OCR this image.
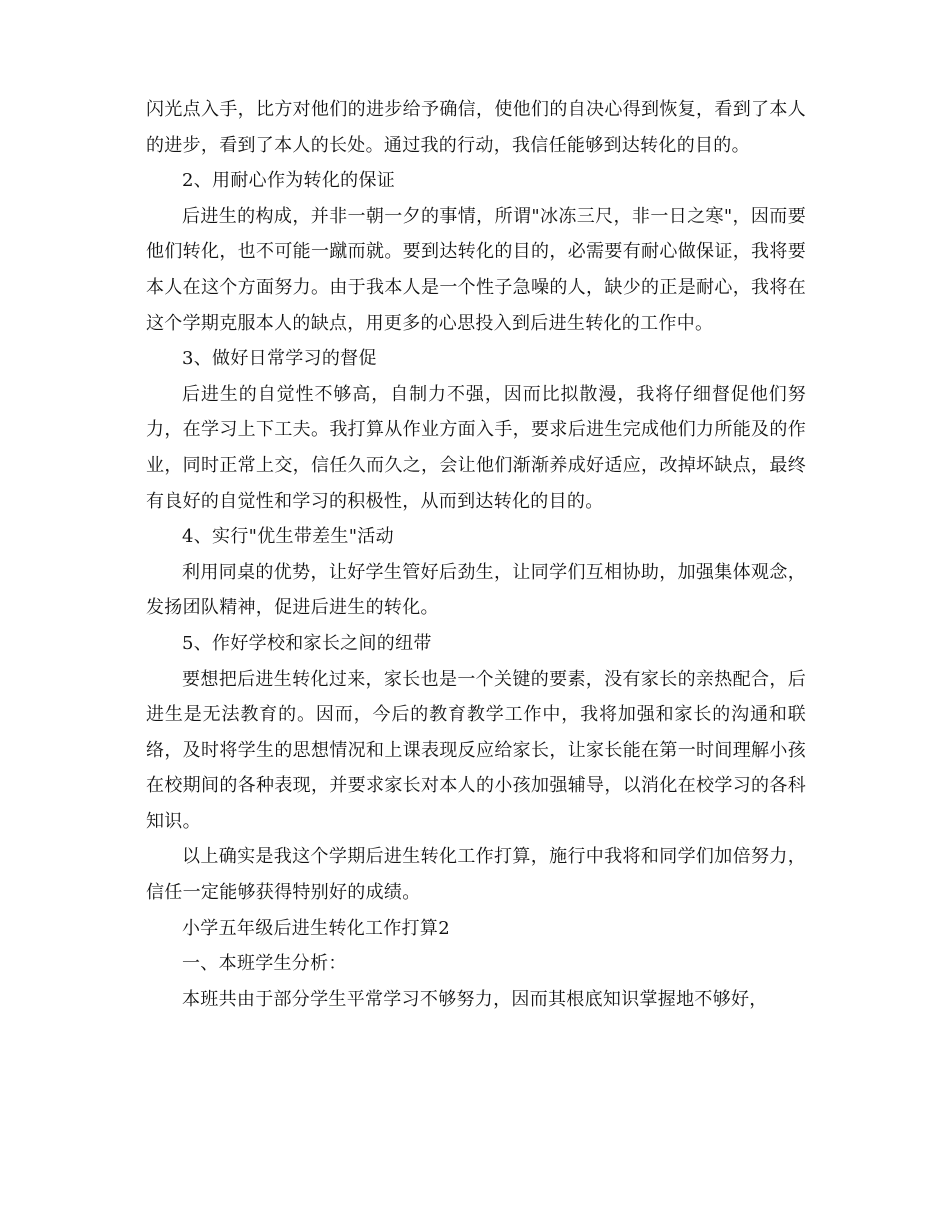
闪光点入手，比方对他们的进步给予确信，使他们的自决心得到恢复，看到了本人的进步，看到了本人的长处。通过我的行动，我信任能够到达转化的目的。

2、用耐心作为转化的保证

后进生的构成，并非一朝一夕的事情，所谓"冰冻三尺，非一日之寒"，因而要他们转化，也不可能一蹴而就。要到达转化的目的，必需要有耐心做保证，我将要本人在这个方面努力。由于我本人是一个性子急噪的人，缺少的正是耐心，我将在这个学期克服本人的缺点，用更多的心思投入到后进生转化的工作中。

3、做好日常学习的督促

后进生的自觉性不够高，自制力不强，因而比拟散漫，我将仔细督促他们努力，在学习上下工夫。我打算从作业方面入手，要求后进生完成他们力所能及的作业，同时正常上交，信任久而久之，会让他们渐渐养成好适应，改掉坏缺点，最终有良好的自觉性和学习的积极性，从而到达转化的目的。

4、实行"优生带差生"活动

利用同桌的优势，让好学生管好后劲生，让同学们互相协助，加强集体观念，发扬团队精神，促进后进生的转化。

5、作好学校和家长之间的纽带

要想把后进生转化过来，家长也是一个关键的要素，没有家长的亲热配合，后进生是无法教育的。因而，今后的教育教学工作中，我将加强和家长的沟通和联络，及时将学生的思想情况和上课表现反应给家长，让家长能在第一时间理解小孩在校期间的各种表现，并要求家长对本人的小孩加强辅导，以消化在校学习的各科知识。

以上确实是我这个学期后进生转化工作打算，施行中我将和同学们加倍努力，信任一定能够获得特别好的成绩。

小学五年级后进生转化工作打算2

一、本班学生分析：

本班共由于部分学生平常学习不够努力，因而其根底知识掌握地不够好，
